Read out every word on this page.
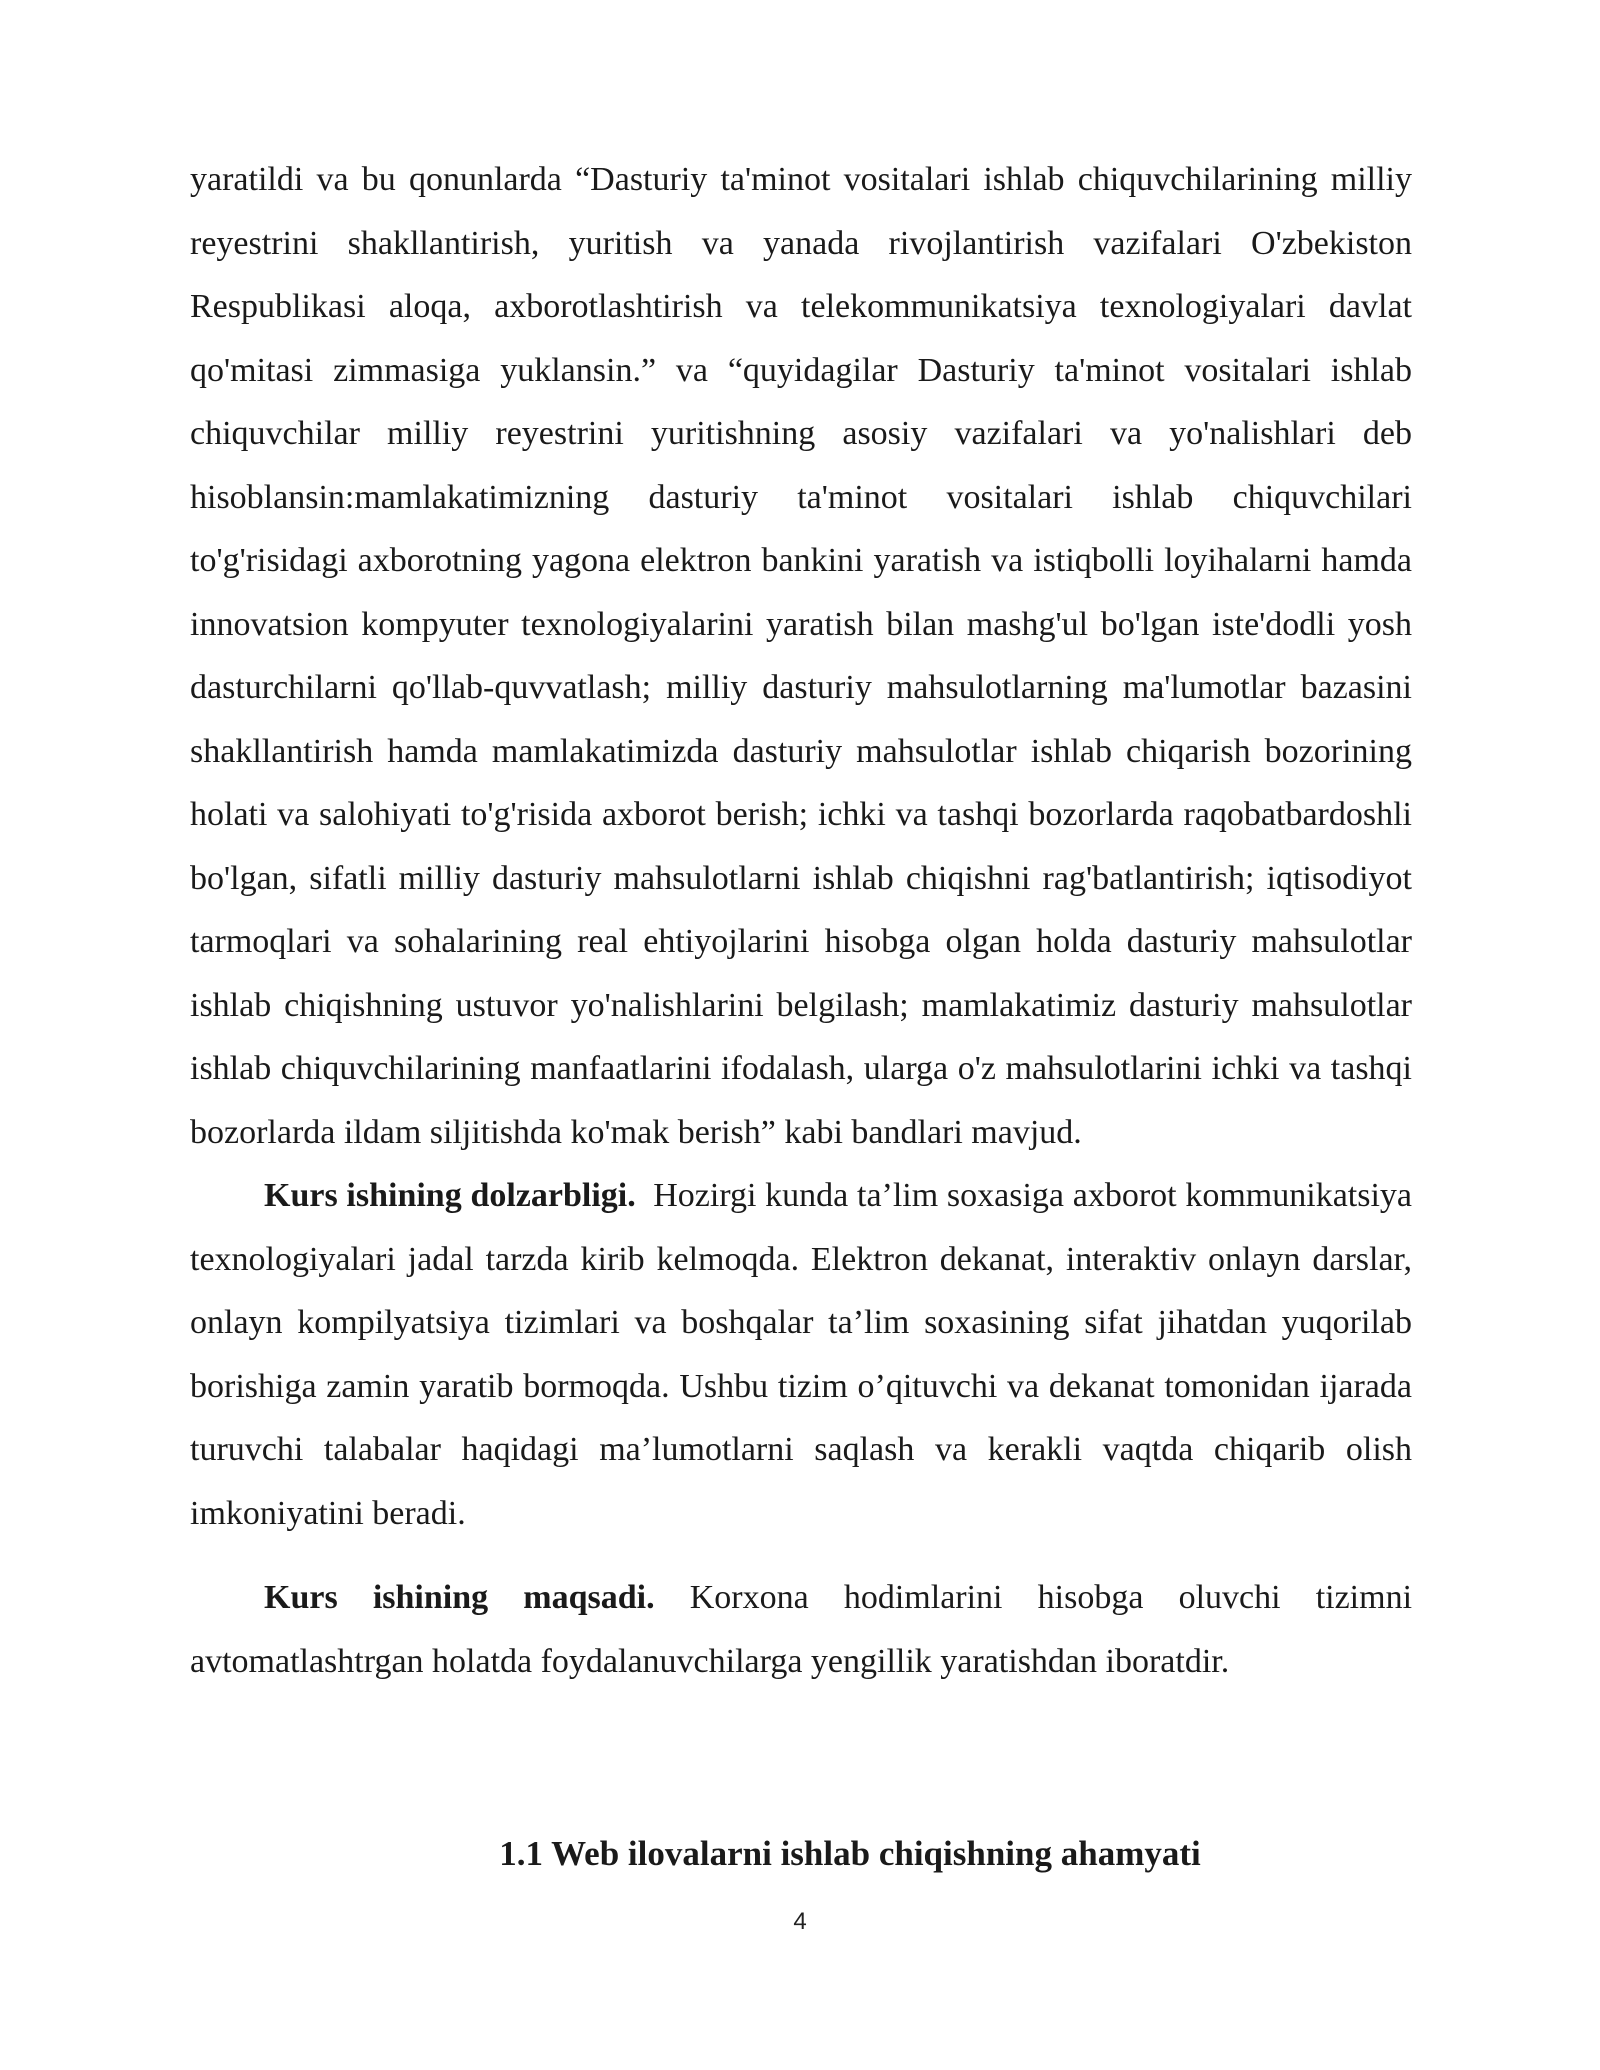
yaratildi va bu qonunlarda “Dasturiy ta'minot vositalari ishlab chiquvchilarining milliy reyestrini shakllantirish, yuritish va yanada rivojlantirish vazifalari O'zbekiston Respublikasi aloqa, axborotlashtirish va telekommunikatsiya texnologiyalari davlat qo'mitasi zimmasiga yuklansin.” va “quyidagilar Dasturiy ta'minot vositalari ishlab chiquvchilar milliy reyestrini yuritishning asosiy vazifalari va yo'nalishlari deb hisoblansin:mamlakatimizning dasturiy ta'minot vositalari ishlab chiquvchilari to'g'risidagi axborotning yagona elektron bankini yaratish va istiqbolli loyihalarni hamda innovatsion kompyuter texnologiyalarini yaratish bilan mashg'ul bo'lgan iste'dodli yosh dasturchilarni qo'llab-quvvatlash; milliy dasturiy mahsulotlarning ma'lumotlar bazasini shakllantirish hamda mamlakatimizda dasturiy mahsulotlar ishlab chiqarish bozorining holati va salohiyati to'g'risida axborot berish; ichki va tashqi bozorlarda raqobatbardoshli bo'lgan, sifatli milliy dasturiy mahsulotlarni ishlab chiqishni rag'batlantirish; iqtisodiyot tarmoqlari va sohalarining real ehtiyojlarini hisobga olgan holda dasturiy mahsulotlar ishlab chiqishning ustuvor yo'nalishlarini belgilash; mamlakatimiz dasturiy mahsulotlar ishlab chiquvchilarining manfaatlarini ifodalash, ularga o'z mahsulotlarini ichki va tashqi bozorlarda ildam siljitishda ko'mak berish” kabi bandlari mavjud.

Kurs ishining dolzarbligi. Hozirgi kunda ta’lim soxasiga axborot kommunikatsiya texnologiyalari jadal tarzda kirib kelmoqda. Elektron dekanat, interaktiv onlayn darslar, onlayn kompilyatsiya tizimlari va boshqalar ta’lim soxasining sifat jihatdan yuqorilab borishiga zamin yaratib bormoqda. Ushbu tizim o’qituvchi va dekanat tomonidan ijarada turuvchi talabalar haqidagi ma’lumotlarni saqlash va kerakli vaqtda chiqarib olish imkoniyatini beradi.

Kurs ishining maqsadi. Korxona hodimlarini hisobga oluvchi tizimni avtomatlashtrgan holatda foydalanuvchilarga yengillik yaratishdan iboratdir.

1.1 Web ilovalarni ishlab chiqishning ahamyati
4
